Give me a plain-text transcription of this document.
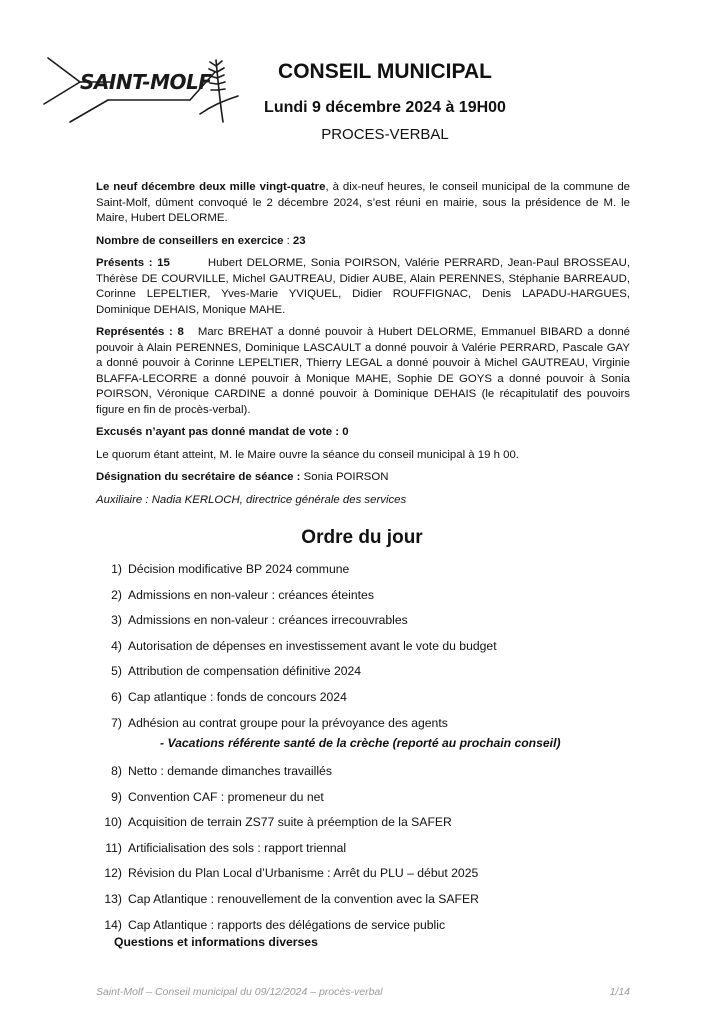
SAINT-MOLF	CONSEIL MUNICIPAL
Lundi 9 décembre 2024 à 19H00
PROCES-VERBAL

Le neuf décembre deux mille vingt-quatre, à dix-neuf heures, le conseil municipal de la commune de Saint-Molf, dûment convoqué le 2 décembre 2024, s’est réuni en mairie, sous la présidence de M. le Maire, Hubert DELORME.

Nombre de conseillers en exercice : 23

Présents : 15	Hubert DELORME, Sonia POIRSON, Valérie PERRARD, Jean-Paul BROSSEAU, Thérèse DE COURVILLE, Michel GAUTREAU, Didier AUBE, Alain PERENNES, Stéphanie BARREAUD, Corinne LEPELTIER, Yves-Marie YVIQUEL, Didier ROUFFIGNAC, Denis LAPADU-HARGUES, Dominique DEHAIS, Monique MAHE.

Représentés : 8 Marc BREHAT a donné pouvoir à Hubert DELORME, Emmanuel BIBARD a donné pouvoir à Alain PERENNES, Dominique LASCAULT a donné pouvoir à Valérie PERRARD, Pascale GAY a donné pouvoir à Corinne LEPELTIER, Thierry LEGAL a donné pouvoir à Michel GAUTREAU, Virginie BLAFFA-LECORRE a donné pouvoir à Monique MAHE, Sophie DE GOYS a donné pouvoir à Sonia POIRSON, Véronique CARDINE a donné pouvoir à Dominique DEHAIS (le récapitulatif des pouvoirs figure en fin de procès-verbal).

Excusés n’ayant pas donné mandat de vote : 0

Le quorum étant atteint, M. le Maire ouvre la séance du conseil municipal à 19 h 00.

Désignation du secrétaire de séance : Sonia POIRSON

Auxiliaire : Nadia KERLOCH, directrice générale des services

Ordre du jour
1) Décision modificative BP 2024 commune
2) Admissions en non-valeur : créances éteintes
3) Admissions en non-valeur : créances irrecouvrables
4) Autorisation de dépenses en investissement avant le vote du budget
5) Attribution de compensation définitive 2024
6) Cap atlantique : fonds de concours 2024
7) Adhésion au contrat groupe pour la prévoyance des agents
- Vacations référente santé de la crèche (reporté au prochain conseil)
8) Netto : demande dimanches travaillés
9) Convention CAF : promeneur du net
10) Acquisition de terrain ZS77 suite à préemption de la SAFER
11) Artificialisation des sols : rapport triennal
12) Révision du Plan Local d’Urbanisme : Arrêt du PLU – début 2025
13) Cap Atlantique : renouvellement de la convention avec la SAFER
14) Cap Atlantique : rapports des délégations de service public
Questions et informations diverses
Saint-Molf – Conseil municipal du 09/12/2024 – procès-verbal	1/14
